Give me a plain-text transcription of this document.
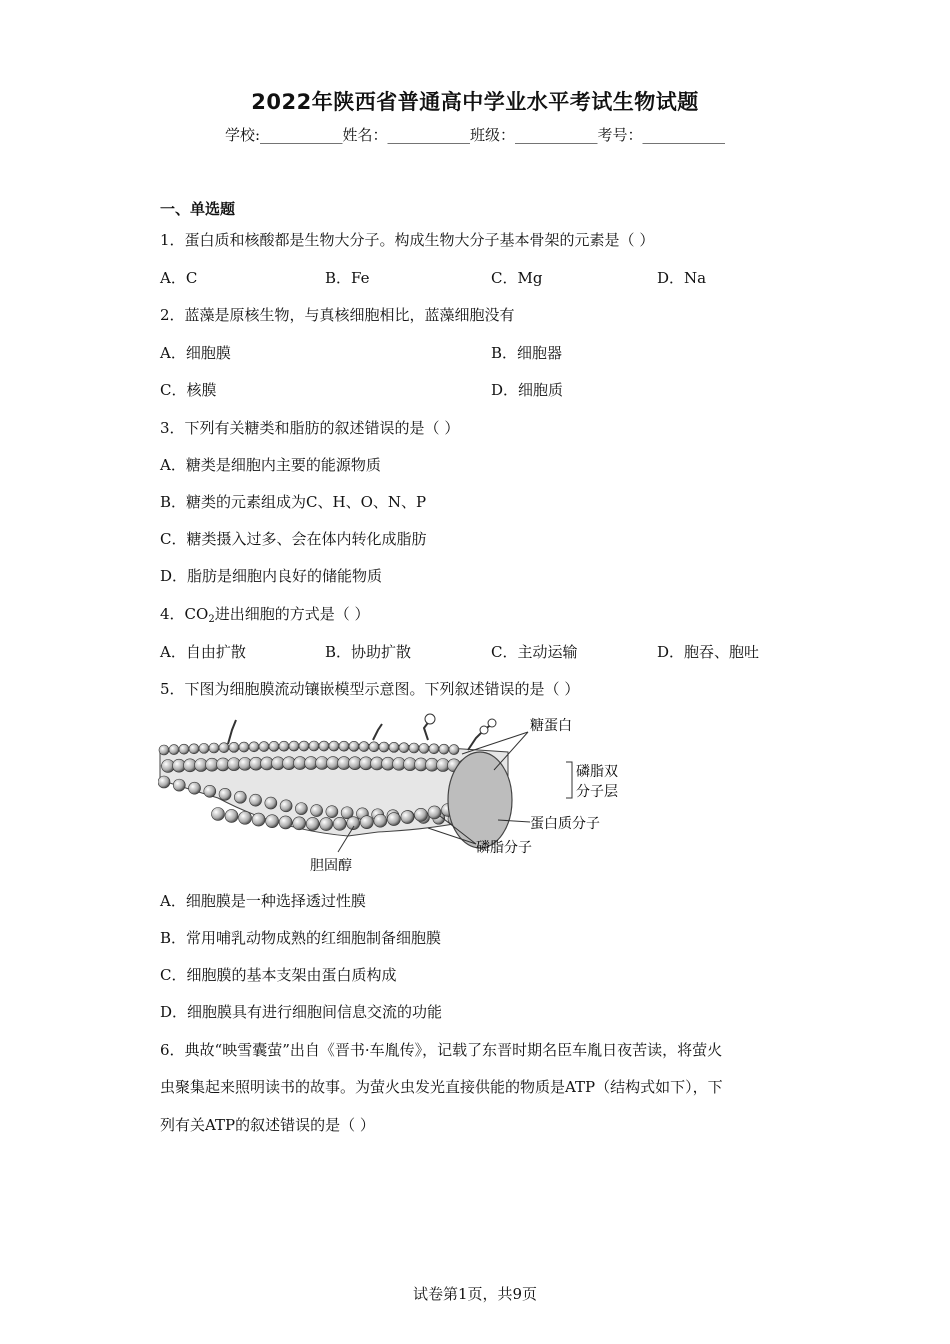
2022年陕西省普通高中学业水平考试生物试题
学校:___________姓名：___________班级：___________考号：___________
一、单选题
1．蛋白质和核酸都是生物大分子。构成生物大分子基本骨架的元素是（ ）
A．C	B．Fe	C．Mg	D．Na
2．蓝藻是原核生物，与真核细胞相比，蓝藻细胞没有
A．细胞膜	B．细胞器
C．核膜	D．细胞质
3．下列有关糖类和脂肪的叙述错误的是（ ）
A．糖类是细胞内主要的能源物质
B．糖类的元素组成为C、H、O、N、P
C．糖类摄入过多、会在体内转化成脂肪
D．脂肪是细胞内良好的储能物质
4．$CO_2$进出细胞的方式是（ ）
A．自由扩散	B．协助扩散	C．主动运输	D．胞吞、胞吐
5．下图为细胞膜流动镶嵌模型示意图。下列叙述错误的是（ ）
糖蛋白
磷脂双
分子层
蛋白质分子
磷脂分子
胆固醇
A．细胞膜是一种选择透过性膜
B．常用哺乳动物成熟的红细胞制备细胞膜
C．细胞膜的基本支架由蛋白质构成
D．细胞膜具有进行细胞间信息交流的功能
6．典故“映雪囊萤”出自《晋书·车胤传》，记载了东晋时期名臣车胤日夜苦读，将萤火
虫聚集起来照明读书的故事。为萤火虫发光直接供能的物质是ATP（结构式如下），下
列有关ATP的叙述错误的是（ ）
试卷第1页，共9页
